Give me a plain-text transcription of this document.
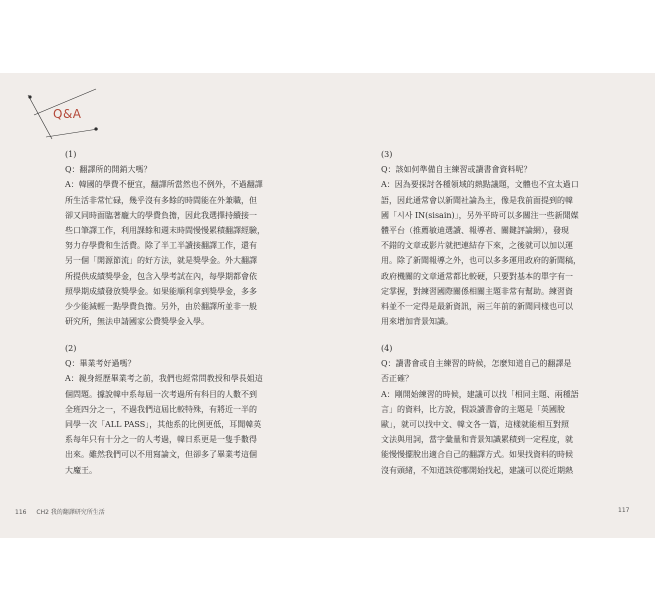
Q&A

(1)

Q：翻譯所的開銷大嗎？

A：韓國的學費不便宜，翻譯所當然也不例外，不過翻譯

所生活非常忙碌，幾乎沒有多餘的時間能在外兼職，但

卻又同時面臨著龐大的學費負擔，因此我選擇持續接一

些口筆譯工作，利用課餘和週末時間慢慢累積翻譯經驗，

努力存學費和生活費。除了半工半讀接翻譯工作，還有

另一個「開源節流」的好方法，就是獎學金。外大翻譯

所提供成績獎學金，包含入學考試在內，每學期都會依

照學期成績發放獎學金。如果能順利拿到獎學金，多多

少少能減輕一點學費負擔。另外，由於翻譯所並非一般

研究所，無法申請國家公費獎學金入學。

(2)

Q：畢業考好過嗎？

A：親身經歷畢業考之前，我們也經常問教授和學長姐這

個問題。據說韓中系每屆一次考過所有科目的人數不到

全班四分之一，不過我們這屆比較特殊，有將近一半的

同學一次「ALL PASS」，其他系的比例更低，耳聞韓英

系每年只有十分之一的人考過，韓日系更是一隻手數得

出來。雖然我們可以不用寫論文，但卻多了畢業考這個

大魔王。

(3)

Q：該如何準備自主練習或讀書會資料呢？

A：因為要探討各種領域的熱點議題，文體也不宜太過口

語，因此通常會以新聞社論為主，像是我前面提到的韓

國「시사 IN(sisain)」，另外平時可以多關注一些新聞媒

體平台（推薦敏迪選讀、報導者、關鍵評論網），發現

不錯的文章或影片就把連結存下來，之後就可以加以運

用。除了新聞報導之外，也可以多多運用政府的新聞稿，

政府機關的文章通常都比較硬，只要對基本的單字有一

定掌握，對練習國際關係相關主題非常有幫助。練習資

料並不一定得是最新資訊，兩三年前的新聞同樣也可以

用來增加背景知識。

(4)

Q：讀書會或自主練習的時候，怎麼知道自己的翻譯是

否正確？

A：剛開始練習的時候，建議可以找「相同主題、兩種語

言」的資料，比方說，假設讀書會的主題是「英國脫

歐」，就可以找中文、韓文各一篇，這樣就能相互對照

文法與用詞，當字彙量和背景知識累積到一定程度，就

能慢慢擺脫出適合自己的翻譯方式。如果找資料的時候

沒有頭緒，不知道該從哪開始找起，建議可以從近期熱

116 CH2 我的翻譯研究所生活	117
